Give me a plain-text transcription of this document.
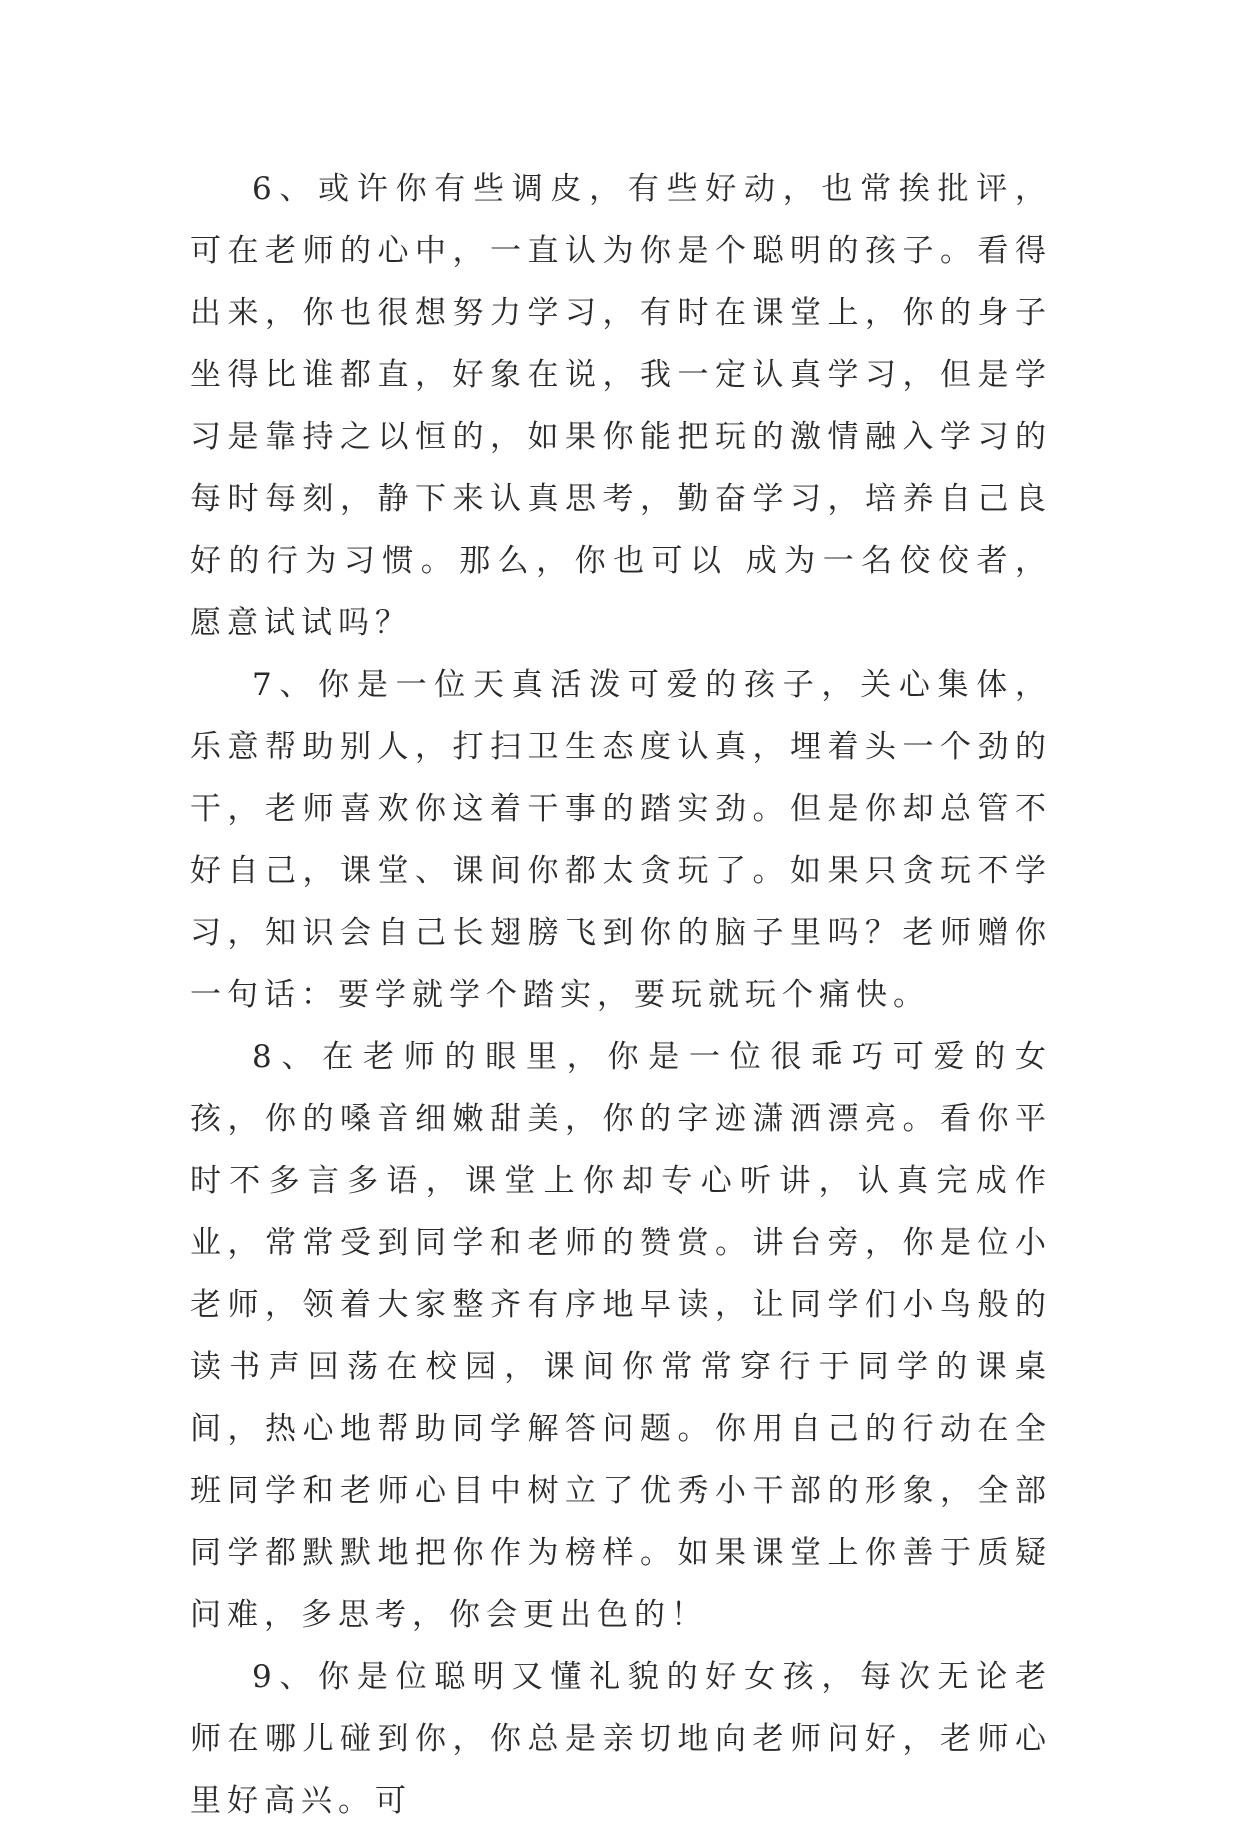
6、或许你有些调皮，有些好动，也常挨批评，可在老师的心中，一直认为你是个聪明的孩子。看得出来，你也很想努力学习，有时在课堂上，你的身子坐得比谁都直，好象在说，我一定认真学习，但是学习是靠持之以恒的，如果你能把玩的激情融入学习的每时每刻，静下来认真思考，勤奋学习，培养自己良好的行为习惯。那么，你也可以 成为一名佼佼者，愿意试试吗？

7、你是一位天真活泼可爱的孩子，关心集体，乐意帮助别人，打扫卫生态度认真，埋着头一个劲的干，老师喜欢你这着干事的踏实劲。但是你却总管不好自己，课堂、课间你都太贪玩了。如果只贪玩不学习，知识会自己长翅膀飞到你的脑子里吗？老师赠你一句话：要学就学个踏实，要玩就玩个痛快。

8、在老师的眼里，你是一位很乖巧可爱的女孩，你的嗓音细嫩甜美，你的字迹潇洒漂亮。看你平时不多言多语，课堂上你却专心听讲，认真完成作业，常常受到同学和老师的赞赏。讲台旁，你是位小老师，领着大家整齐有序地早读，让同学们小鸟般的读书声回荡在校园，课间你常常穿行于同学的课桌间，热心地帮助同学解答问题。你用自己的行动在全班同学和老师心目中树立了优秀小干部的形象，全部同学都默默地把你作为榜样。如果课堂上你善于质疑问难，多思考，你会更出色的！

9、你是位聪明又懂礼貌的好女孩，每次无论老师在哪儿碰到你，你总是亲切地向老师问好，老师心里好高兴。可
